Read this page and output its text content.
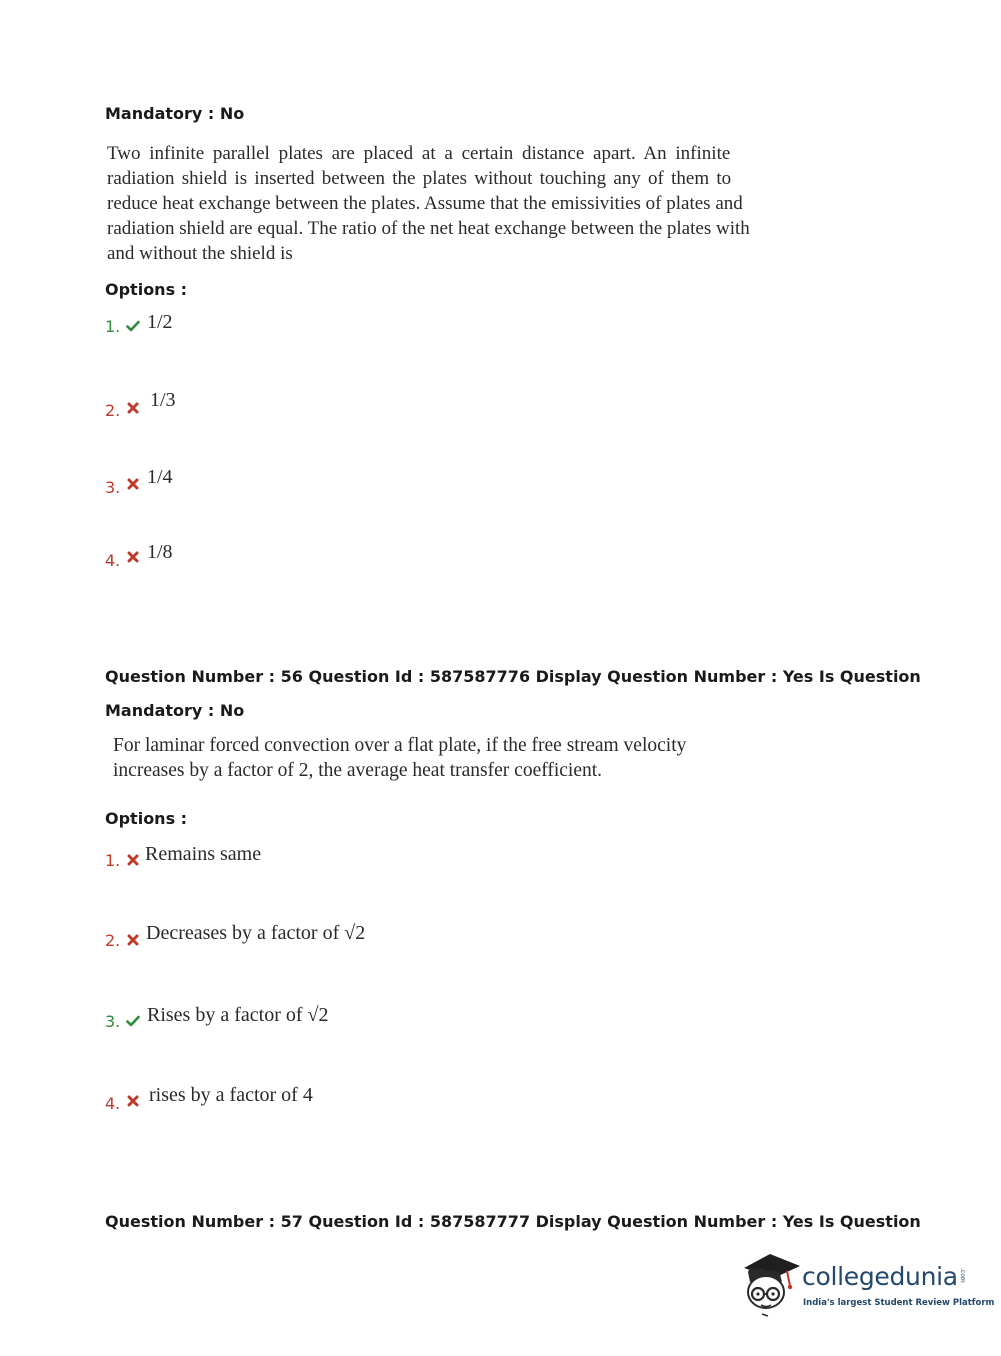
Mandatory : No
Two infinite parallel plates are placed at a certain distance apart. An infinite
radiation shield is inserted between the plates without touching any of them to
reduce heat exchange between the plates. Assume that the emissivities of plates and
radiation shield are equal. The ratio of the net heat exchange between the plates with
and without the shield is
Options :
1. 1/2
2. 1/3
3. 1/4
4. 1/8
Question Number : 56 Question Id : 587587776 Display Question Number : Yes Is Question
Mandatory : No
For laminar forced convection over a flat plate, if the free stream velocity
increases by a factor of 2, the average heat transfer coefficient.
Options :
1. Remains same
2. Decreases by a factor of √2
3. Rises by a factor of √2
4. rises by a factor of 4
Question Number : 57 Question Id : 587587777 Display Question Number : Yes Is Question
collegedunia .com
India's largest Student Review Platform
